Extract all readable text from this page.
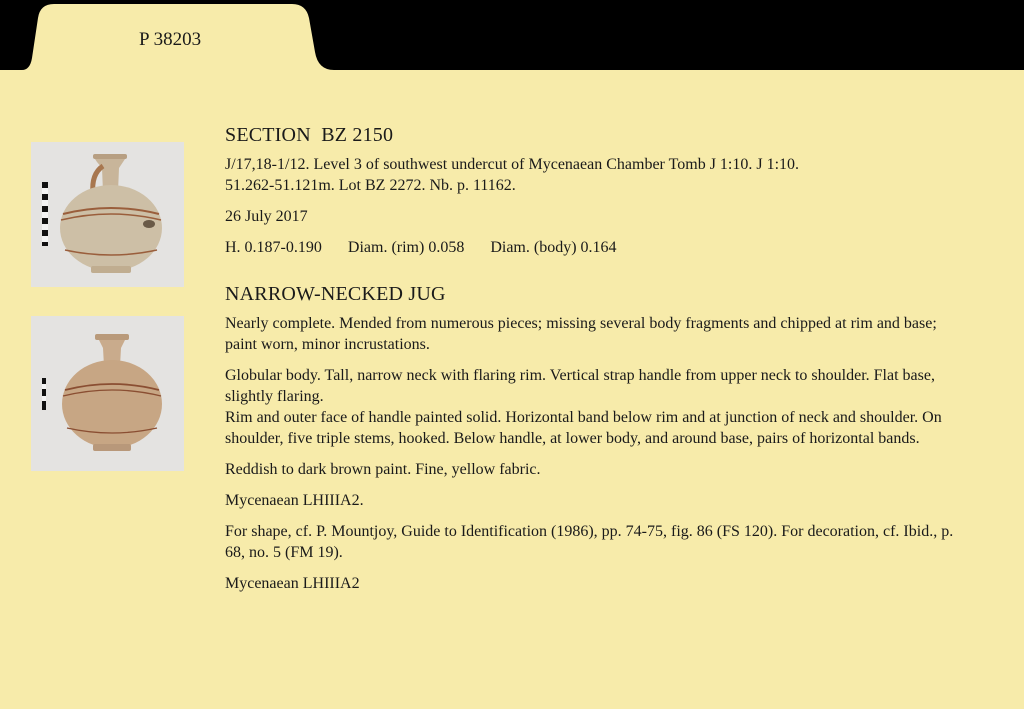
P 38203
SECTION  BZ 2150
J/17,18-1/12. Level 3 of southwest undercut of Mycenaean Chamber Tomb J 1:10. J 1:10.
51.262-51.121m. Lot BZ 2272. Nb. p. 11162.
26 July 2017
H. 0.187-0.190 Diam. (rim) 0.058 Diam. (body) 0.164
NARROW-NECKED JUG
Nearly complete. Mended from numerous pieces; missing several body fragments and chipped at rim and base; paint worn, minor incrustations.
Globular body. Tall, narrow neck with flaring rim. Vertical strap handle from upper neck to shoulder. Flat base, slightly flaring.
Rim and outer face of handle painted solid. Horizontal band below rim and at junction of neck and shoulder. On shoulder, five triple stems, hooked. Below handle, at lower body, and around base, pairs of horizontal bands.
Reddish to dark brown paint. Fine, yellow fabric.
Mycenaean LHIIIA2.
For shape, cf. P. Mountjoy, Guide to Identification (1986), pp. 74-75, fig. 86 (FS 120). For decoration, cf. Ibid., p. 68, no. 5 (FM 19).
Mycenaean LHIIIA2
